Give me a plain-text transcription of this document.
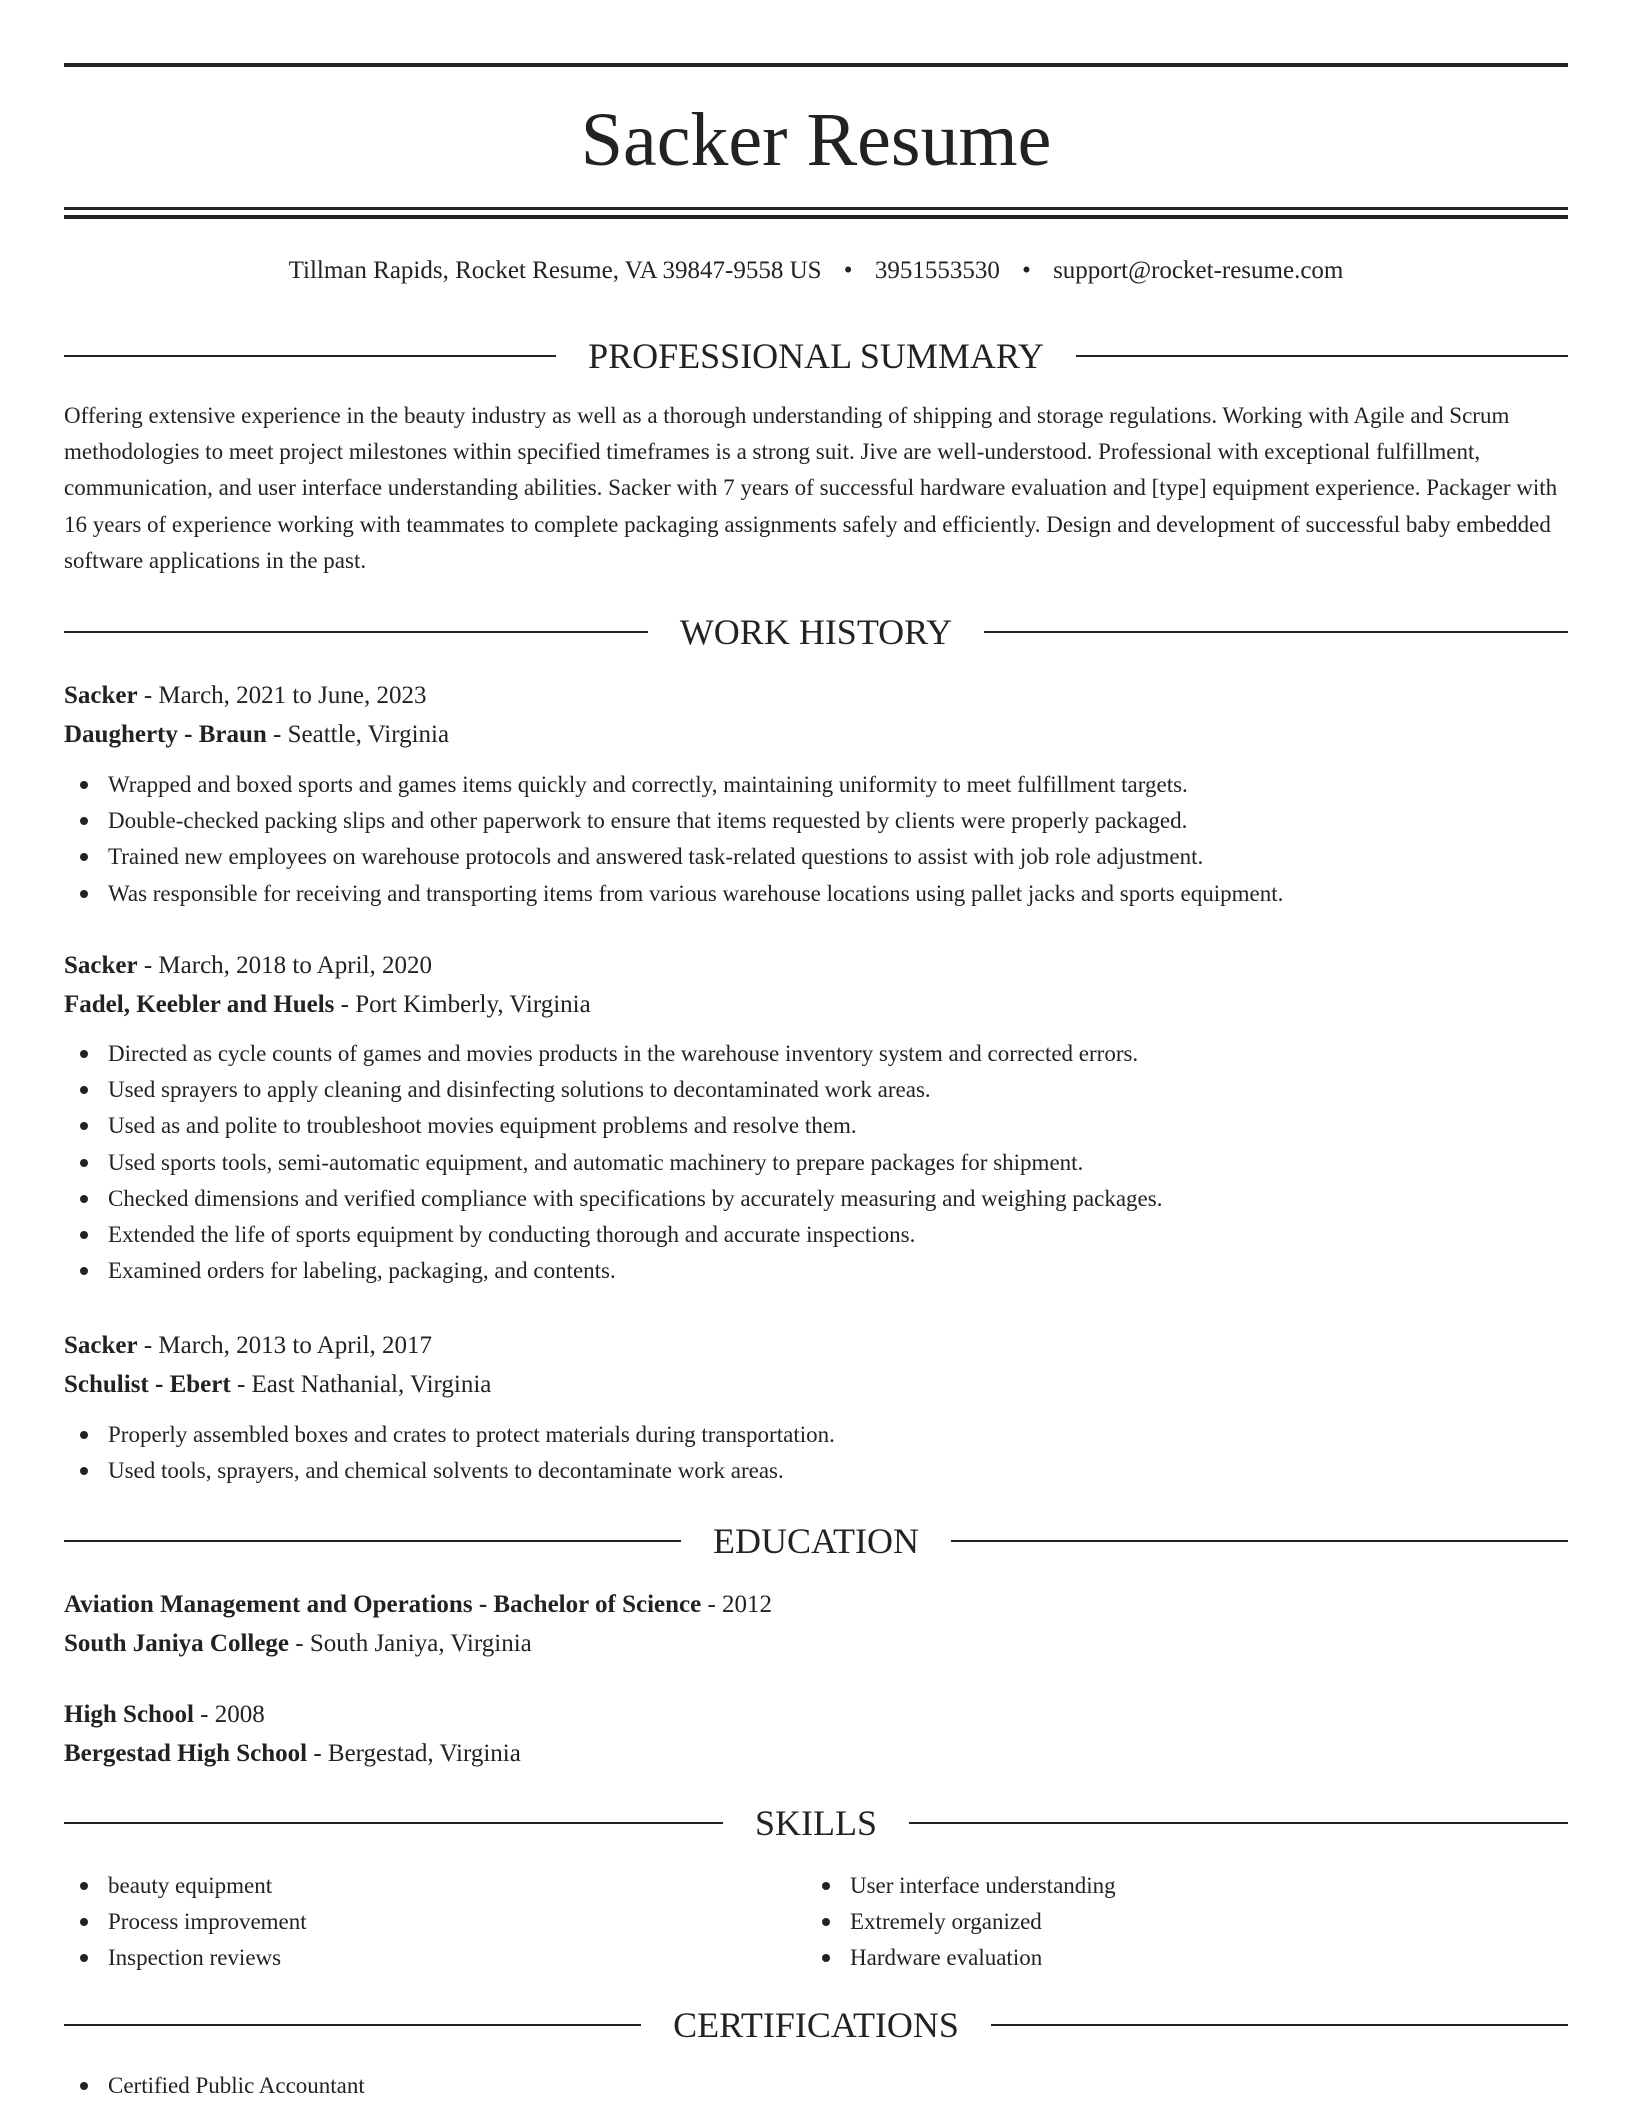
Sacker Resume
Tillman Rapids, Rocket Resume, VA 39847-9558 US • 3951553530 • support@rocket-resume.com
PROFESSIONAL SUMMARY

Offering extensive experience in the beauty industry as well as a thorough understanding of shipping and storage regulations. Working with Agile and Scrum methodologies to meet project milestones within specified timeframes is a strong suit. Jive are well-understood. Professional with exceptional fulfillment, communication, and user interface understanding abilities. Sacker with 7 years of successful hardware evaluation and [type] equipment experience. Packager with 16 years of experience working with teammates to complete packaging assignments safely and efficiently. Design and development of successful baby embedded software applications in the past.

WORK HISTORY
Sacker - March, 2021 to June, 2023
Daugherty - Braun - Seattle, Virginia
Wrapped and boxed sports and games items quickly and correctly, maintaining uniformity to meet fulfillment targets.
Double-checked packing slips and other paperwork to ensure that items requested by clients were properly packaged.
Trained new employees on warehouse protocols and answered task-related questions to assist with job role adjustment.
Was responsible for receiving and transporting items from various warehouse locations using pallet jacks and sports equipment.
Sacker - March, 2018 to April, 2020
Fadel, Keebler and Huels - Port Kimberly, Virginia
Directed as cycle counts of games and movies products in the warehouse inventory system and corrected errors.
Used sprayers to apply cleaning and disinfecting solutions to decontaminated work areas.
Used as and polite to troubleshoot movies equipment problems and resolve them.
Used sports tools, semi-automatic equipment, and automatic machinery to prepare packages for shipment.
Checked dimensions and verified compliance with specifications by accurately measuring and weighing packages.
Extended the life of sports equipment by conducting thorough and accurate inspections.
Examined orders for labeling, packaging, and contents.
Sacker - March, 2013 to April, 2017
Schulist - Ebert - East Nathanial, Virginia
Properly assembled boxes and crates to protect materials during transportation.
Used tools, sprayers, and chemical solvents to decontaminate work areas.
EDUCATION
Aviation Management and Operations - Bachelor of Science - 2012
South Janiya College - South Janiya, Virginia
High School - 2008
Bergestad High School - Bergestad, Virginia
SKILLS
beauty equipment
Process improvement
Inspection reviews
User interface understanding
Extremely organized
Hardware evaluation
CERTIFICATIONS
Certified Public Accountant
